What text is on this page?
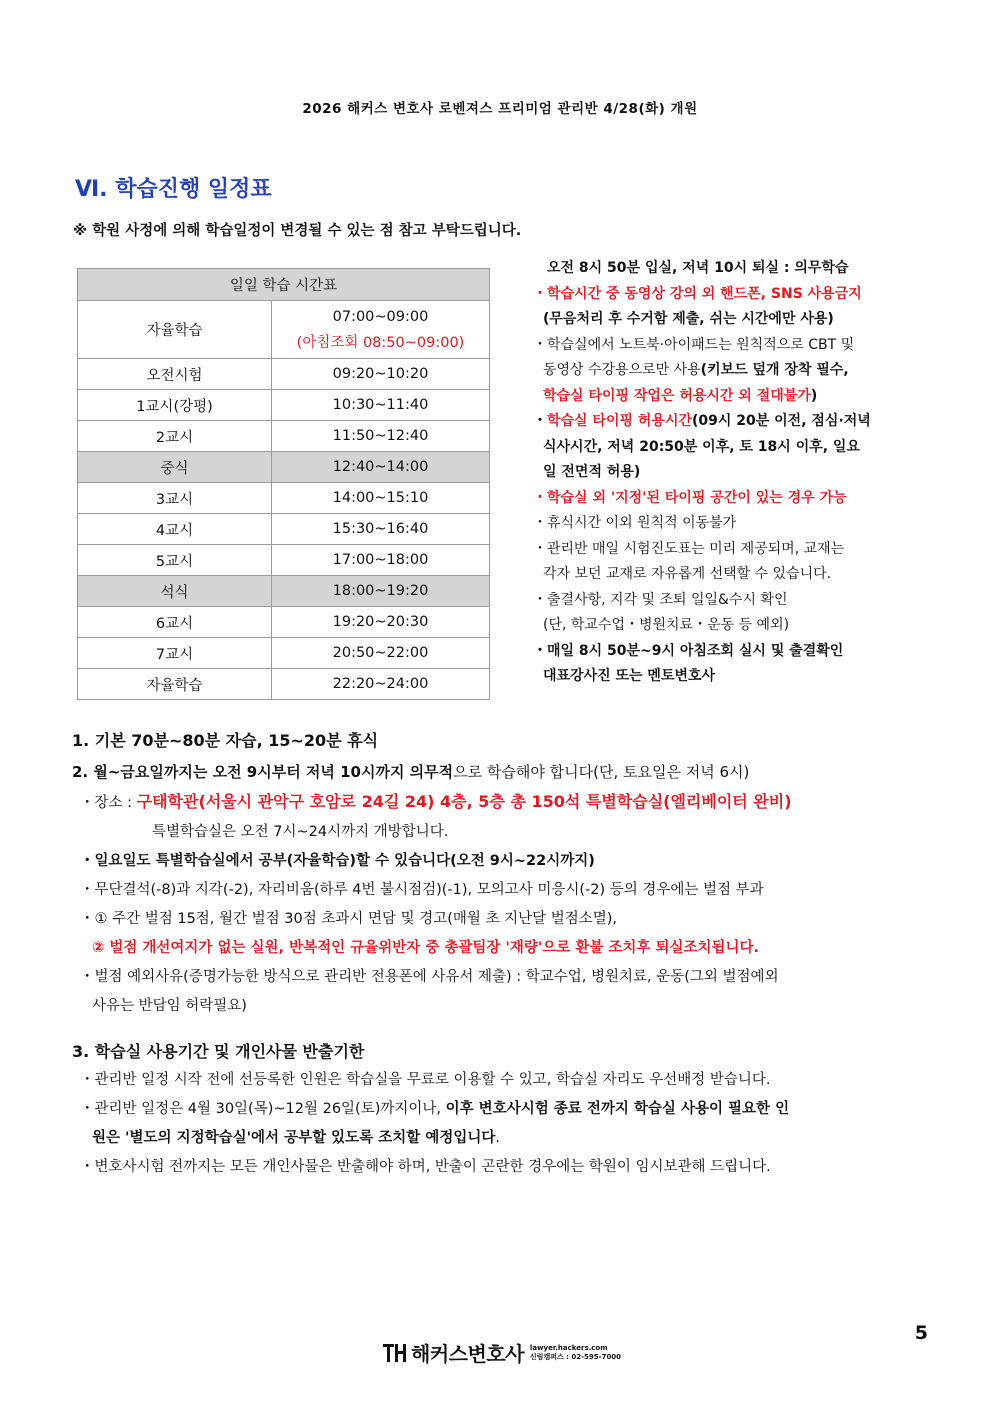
2026 해커스 변호사 로벤져스 프리미엄 관리반 4/28(화) 개원
Ⅵ. 학습진행 일정표
※ 학원 사정에 의해 학습일정이 변경될 수 있는 점 참고 부탁드립니다.
일일 학습 시간표	
자율학습	07:00~09:00
(아침조회 08:50~09:00)

오전시험	09:20~10:20
1교시(강평)	10:30~11:40
2교시	11:50~12:40
중식	12:40~14:00
3교시	14:00~15:10
4교시	15:30~16:40
5교시	17:00~18:00
석식	18:00~19:20
6교시	19:20~20:30
7교시	20:50~22:00
자율학습	22:20~24:00
오전 8시 50분 입실, 저녁 10시 퇴실 : 의무학습
・학습시간 중 동영상 강의 외 핸드폰, SNS 사용금지
(무음처리 후 수거함 제출, 쉬는 시간에만 사용)
・학습실에서 노트북·아이패드는 원칙적으로 CBT 및
동영상 수강용으로만 사용(키보드 덮개 장착 필수,
학습실 타이핑 작업은 허용시간 외 절대불가)
・학습실 타이핑 허용시간(09시 20분 이전, 점심·저녁
식사시간, 저녁 20:50분 이후, 토 18시 이후, 일요
일 전면적 허용)
・학습실 외 '지정'된 타이핑 공간이 있는 경우 가능
・휴식시간 이외 원칙적 이동불가
・관리반 매일 시험진도표는 미리 제공되며, 교재는
각자 보던 교재로 자유롭게 선택할 수 있습니다.
・출결사항, 지각 및 조퇴 일일&수시 확인
(단, 학교수업・병원치료・운동 등 예외)
・매일 8시 50분~9시 아침조회 실시 및 출결확인
대표강사진 또는 멘토변호사
1. 기본 70분~80분 자습, 15~20분 휴식
2. 월~금요일까지는 오전 9시부터 저녁 10시까지 의무적으로 학습해야 합니다(단, 토요일은 저녁 6시)
・장소 : 구태학관(서울시 관악구 호암로 24길 24) 4층, 5층 총 150석 특별학습실(엘리베이터 완비)
특별학습실은 오전 7시~24시까지 개방합니다.
・일요일도 특별학습실에서 공부(자율학습)할 수 있습니다(오전 9시~22시까지)
・무단결석(-8)과 지각(-2), 자리비움(하루 4번 불시점검)(-1), 모의고사 미응시(-2) 등의 경우에는 벌점 부과
・① 주간 벌점 15점, 월간 벌점 30점 초과시 면담 및 경고(매월 초 지난달 벌점소멸),
② 벌점 개선여지가 없는 실원, 반복적인 규율위반자 중 총괄팀장 '재량'으로 환불 조치후 퇴실조치됩니다.
・벌점 예외사유(증명가능한 방식으로 관리반 전용폰에 사유서 제출) : 학교수업, 병원치료, 운동(그외 벌점예외
사유는 반담임 허락필요)
3. 학습실 사용기간 및 개인사물 반출기한
・관리반 일정 시작 전에 선등록한 인원은 학습실을 무료로 이용할 수 있고, 학습실 자리도 우선배정 받습니다.
・관리반 일정은 4월 30일(목)~12월 26일(토)까지이나, 이후 변호사시험 종료 전까지 학습실 사용이 필요한 인
원은 '별도의 지정학습실'에서 공부할 있도록 조치할 예정입니다.
・변호사시험 전까지는 모든 개인사물은 반출해야 하며, 반출이 곤란한 경우에는 학원이 임시보관해 드립니다.
5
해커스변호사 lawyer.hackers.com
신림캠퍼스 : 02-595-7000
